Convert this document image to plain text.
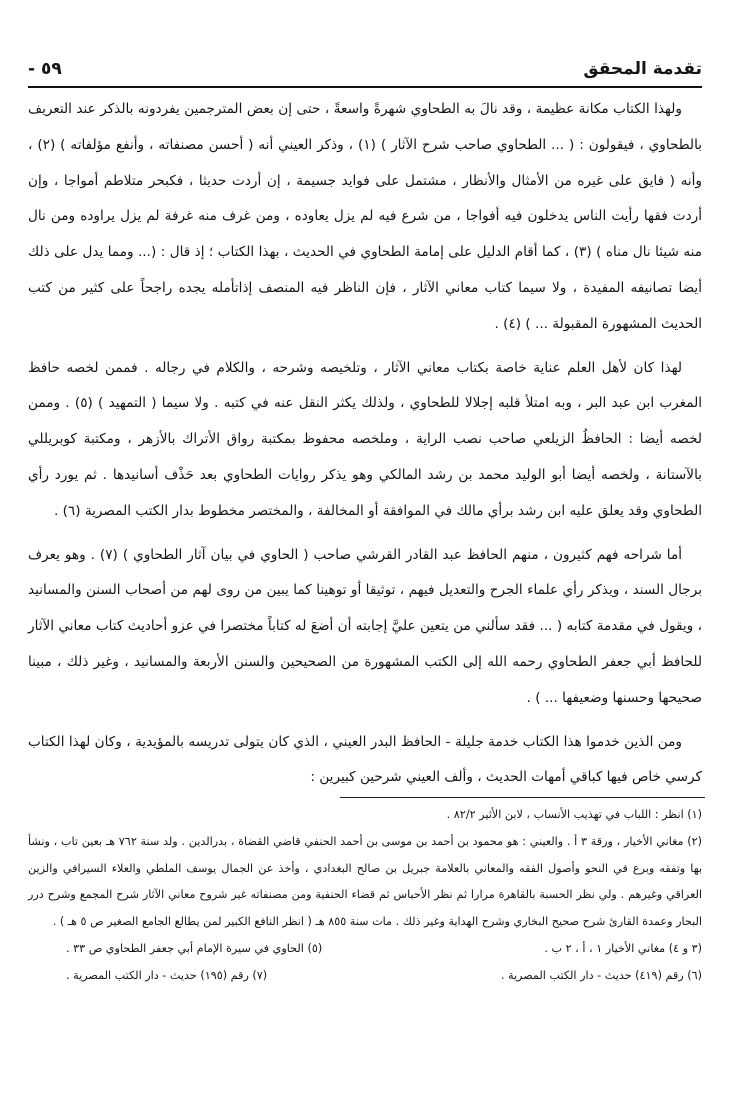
تقدمة المحقق
٥٩ -

ولهذا الكتاب مكانة عظيمة ، وقد نالَ به الطحاوي شهرةً واسعةً ، حتى إن بعض المترجمين يفردونه بالذكر عند التعريف بالطحاوي ، فيقولون : ( ... الطحاوي صاحب شرح الآثار ) (١) ، وذكر العيني أنه ( أحسن مصنفاته ، وأنفع مؤلفاته ) (٢) ، وأنه ( فايق على غيره من الأمثال والأنظار ، مشتمل على فوايد جسيمة ، إن أردت حديثا ، فكبحر متلاطم أمواجا ، وإن أردت فقها رأيت الناس يدخلون فيه أفواجا ، من شرع فيه لم يزل يعاوده ، ومن غرف منه غرفة لم يزل يراوده ومن نال منه شيئا نال مناه ) (٣) ، كما أقام الدليل على إمامة الطحاوي في الحديث ، بهذا الكتاب ؛ إذ قال : (... ومما يدل على ذلك أيضا تصانيفه المفيدة ، ولا سيما كتاب معاني الآثار ، فإن الناظر فيه المنصف إذاتأمله يجده راجحاً على كثير من كتب الحديث المشهورة المقبولة ... ) (٤) .

لهذا كان لأهل العلم عناية خاصة بكتاب معاني الآثار ، وتلخيصه وشرحه ، والكلام في رجاله . فممن لخصه حافظ المغرب ابن عبد البر ، وبه امتلأ قلبه إجلالا للطحاوي ، ولذلك يكثر النقل عنه في كتبه . ولا سيما ( التمهيد ) (٥) . وممن لخصه أيضا : الحافظُ الزيلعي صاحب نصب الراية ، وملخصه محفوظ بمكتبة رواق الأتراك بالأزهر ، ومكتبة كوبريللي بالآستانة ، ولخصه أيضا أبو الوليد محمد بن رشد المالكي وهو يذكر روايات الطحاوي بعد حَذْف أسانيدها . ثم يورد رأي الطحاوي وقد يعلق عليه ابن رشد برأي مالك في الموافقة أو المخالفة ، والمختصر مخطوط بدار الكتب المصرية (٦) .

أما شراحه فهم كثيرون ، منهم الحافظ عبد القادر القرشي صاحب ( الحاوي في بيان آثار الطحاوي ) (٧) . وهو يعرف برجال السند ، ويذكر رأي علماء الجرح والتعديل فيهم ، توثيقا أو توهينا كما يبين من روى لهم من أصحاب السنن والمسانيد ، ويقول في مقدمة كتابه ( ... فقد سألني من يتعين عليَّ إجابته أن أضعَ له كتاباً مختصرا في عزو أحاديث كتاب معاني الآثار للحافظ أبي جعفر الطحاوي رحمه الله إلى الكتب المشهورة من الصحيحين والسنن الأربعة والمسانيد ، وغير ذلك ، مبينا صحيحها وحسنها وضعيفها ... ) .

ومن الذين خدموا هذا الكتاب خدمة جليلة - الحافظ البدر العيني ، الذي كان يتولى تدريسه بالمؤيدية ، وكان لهذا الكتاب كرسي خاص فيها كباقي أمهات الحديث ، وألف العيني شرحين كبيرين :

(١) انظر : اللباب في تهذيب الأنساب ، لابن الأثير ٨٢/٢ .

(٢) مغاني الأخيار ، ورقة ٣ أ . والعيني : هو محمود بن أحمد بن موسى بن أحمد الحنفي قاضي القضاة ، بدرالدين . ولد سنة ٧٦٢ هـ بعين تاب ، ونشأ بها وتفقه وبرع في النحو وأصول الفقه والمعاني بالعلامة جبريل بن صالح البغدادي ، وأخذ عن الجمال يوسف الملطي والعلاء السيرافي والزين العراقي وغيرهم . ولي نظر الحسبة بالقاهرة مرارا ثم نظر الأحباس ثم قضاء الحنفية ومن مصنفاته غير شروح معاني الآثار شرح المجمع وشرح درر البحار وعمدة القارئ شرح صحيح البخاري وشرح الهداية وغير ذلك . مات سنة ٨٥٥ هـ ( انظر النافع الكبير لمن يطالع الجامع الصغير ص ٥ هـ ) .

(٣ و ٤) مغاني الأخيار ١ ، أ ، ٢ ب .
(٥) الحاوي في سيرة الإمام أبي جعفر الطحاوي ص ٣٣ .
(٦) رقم (٤١٩) حديث - دار الكتب المصرية .
(٧) رقم (١٩٥) حديث - دار الكتب المصرية .
